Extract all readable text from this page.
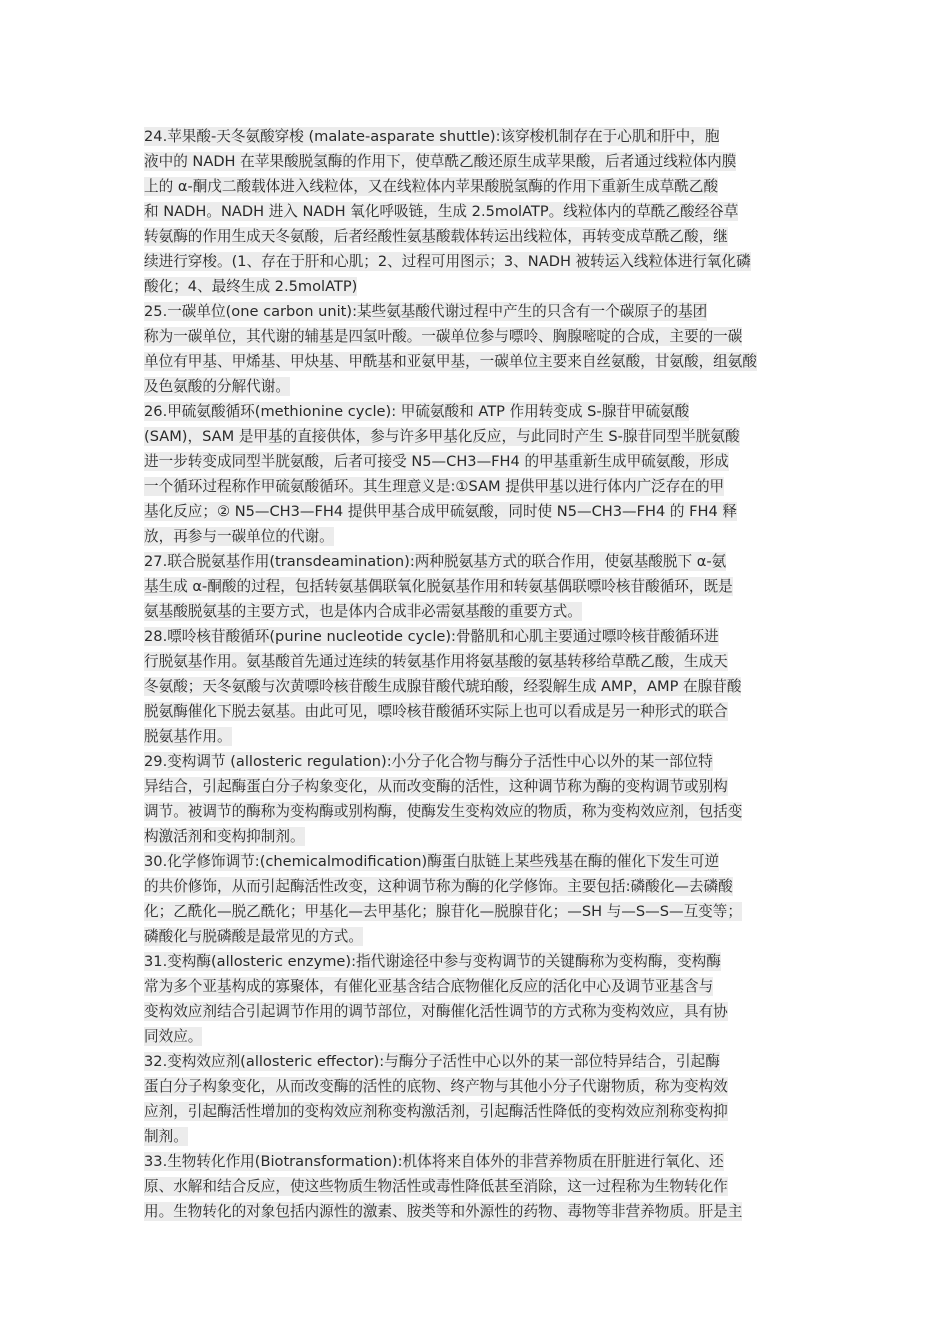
24.苹果酸-天冬氨酸穿梭 (malate-asparate shuttle):该穿梭机制存在于心肌和肝中，胞
液中的 NADH 在苹果酸脱氢酶的作用下，使草酰乙酸还原生成苹果酸，后者通过线粒体内膜
上的 α-酮戊二酸载体进入线粒体，又在线粒体内苹果酸脱氢酶的作用下重新生成草酰乙酸
和 NADH。NADH 进入 NADH 氧化呼吸链，生成 2.5molATP。线粒体内的草酰乙酸经谷草
转氨酶的作用生成天冬氨酸，后者经酸性氨基酸载体转运出线粒体，再转变成草酰乙酸，继
续进行穿梭。(1、存在于肝和心肌；2、过程可用图示；3、NADH 被转运入线粒体进行氧化磷
酸化；4、最终生成 2.5molATP)

25.一碳单位(one carbon unit):某些氨基酸代谢过程中产生的只含有一个碳原子的基团
称为一碳单位，其代谢的辅基是四氢叶酸。一碳单位参与嘌呤、胸腺嘧啶的合成，主要的一碳
单位有甲基、甲烯基、甲炔基、甲酰基和亚氨甲基，一碳单位主要来自丝氨酸，甘氨酸，组氨酸
及色氨酸的分解代谢。

26.甲硫氨酸循环(methionine cycle): 甲硫氨酸和 ATP 作用转变成 S-腺苷甲硫氨酸
(SAM)，SAM 是甲基的直接供体，参与许多甲基化反应，与此同时产生 S-腺苷同型半胱氨酸
进一步转变成同型半胱氨酸，后者可接受 N5—CH3—FH4 的甲基重新生成甲硫氨酸，形成
一个循环过程称作甲硫氨酸循环。其生理意义是:①SAM 提供甲基以进行体内广泛存在的甲
基化反应；② N5—CH3—FH4 提供甲基合成甲硫氨酸，同时使 N5—CH3—FH4 的 FH4 释
放，再参与一碳单位的代谢。

27.联合脱氨基作用(transdeamination):两种脱氨基方式的联合作用，使氨基酸脱下 α-氨
基生成 α-酮酸的过程，包括转氨基偶联氧化脱氨基作用和转氨基偶联嘌呤核苷酸循环，既是
氨基酸脱氨基的主要方式，也是体内合成非必需氨基酸的重要方式。

28.嘌呤核苷酸循环(purine nucleotide cycle):骨骼肌和心肌主要通过嘌呤核苷酸循环进
行脱氨基作用。氨基酸首先通过连续的转氨基作用将氨基酸的氨基转移给草酰乙酸，生成天
冬氨酸；天冬氨酸与次黄嘌呤核苷酸生成腺苷酸代琥珀酸，经裂解生成 AMP，AMP 在腺苷酸
脱氨酶催化下脱去氨基。由此可见，嘌呤核苷酸循环实际上也可以看成是另一种形式的联合
脱氨基作用。

29.变构调节 (allosteric regulation):小分子化合物与酶分子活性中心以外的某一部位特
异结合，引起酶蛋白分子构象变化，从而改变酶的活性，这种调节称为酶的变构调节或别构
调节。被调节的酶称为变构酶或别构酶，使酶发生变构效应的物质，称为变构效应剂，包括变
构激活剂和变构抑制剂。

30.化学修饰调节:(chemicalmodification)酶蛋白肽链上某些残基在酶的催化下发生可逆
的共价修饰，从而引起酶活性改变，这种调节称为酶的化学修饰。主要包括:磷酸化—去磷酸
化；乙酰化—脱乙酰化；甲基化—去甲基化；腺苷化—脱腺苷化；—SH 与—S—S—互变等；
磷酸化与脱磷酸是最常见的方式。

31.变构酶(allosteric enzyme):指代谢途径中参与变构调节的关键酶称为变构酶，变构酶
常为多个亚基构成的寡聚体，有催化亚基含结合底物催化反应的活化中心及调节亚基含与
变构效应剂结合引起调节作用的调节部位，对酶催化活性调节的方式称为变构效应，具有协
同效应。

32.变构效应剂(allosteric effector):与酶分子活性中心以外的某一部位特异结合，引起酶
蛋白分子构象变化，从而改变酶的活性的底物、终产物与其他小分子代谢物质，称为变构效
应剂，引起酶活性增加的变构效应剂称变构激活剂，引起酶活性降低的变构效应剂称变构抑
制剂。

33.生物转化作用(Biotransformation):机体将来自体外的非营养物质在肝脏进行氧化、还
原、水解和结合反应，使这些物质生物活性或毒性降低甚至消除，这一过程称为生物转化作
用。生物转化的对象包括内源性的激素、胺类等和外源性的药物、毒物等非营养物质。肝是主
